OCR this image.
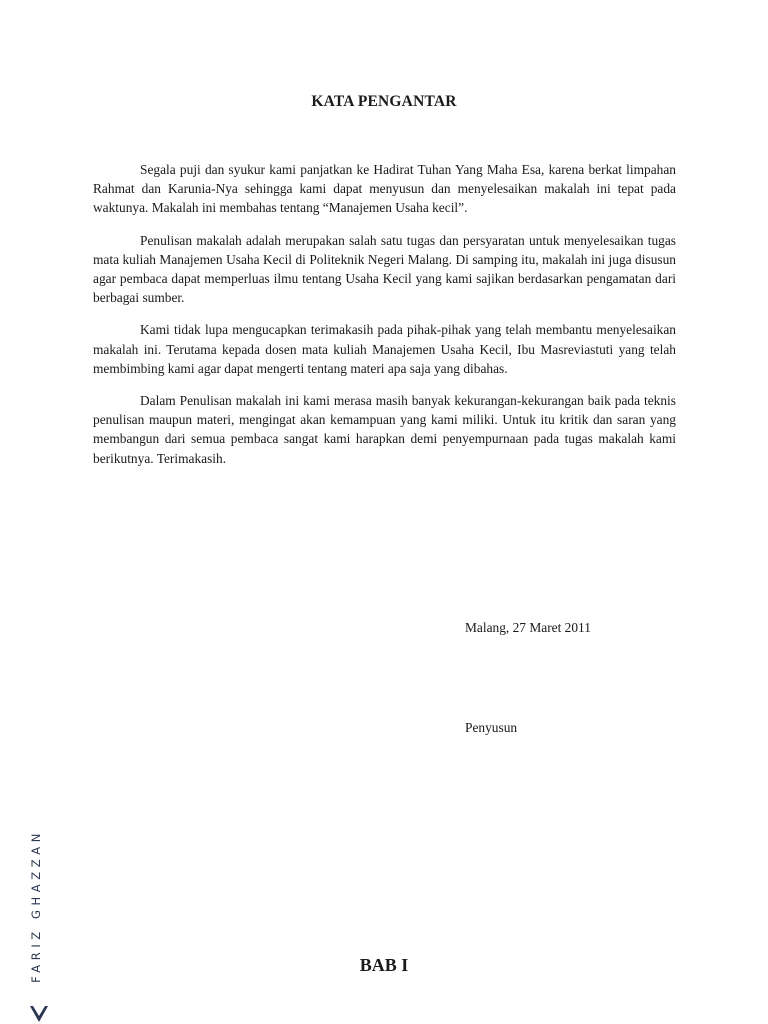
KATA PENGANTAR

Segala puji dan syukur kami panjatkan ke Hadirat Tuhan Yang Maha Esa, karena berkat limpahan Rahmat dan Karunia-Nya sehingga kami dapat menyusun dan menyelesaikan makalah ini tepat pada waktunya. Makalah ini membahas tentang “Manajemen Usaha kecil”.

Penulisan makalah adalah merupakan salah satu tugas dan persyaratan untuk menyelesaikan tugas mata kuliah Manajemen Usaha Kecil di Politeknik Negeri Malang. Di samping itu, makalah ini juga disusun agar pembaca dapat memperluas ilmu tentang Usaha Kecil yang kami sajikan berdasarkan pengamatan dari berbagai sumber.

Kami tidak lupa mengucapkan terimakasih pada pihak-pihak yang telah membantu menyelesaikan makalah ini. Terutama kepada dosen mata kuliah Manajemen Usaha Kecil, Ibu Masreviastuti yang telah membimbing kami agar dapat mengerti tentang materi apa saja yang dibahas.

Dalam Penulisan makalah ini kami merasa masih banyak kekurangan-kekurangan baik pada teknis penulisan maupun materi, mengingat akan kemampuan yang kami miliki. Untuk itu kritik dan saran yang membangun dari semua pembaca sangat kami harapkan demi penyempurnaan pada tugas makalah kami berikutnya. Terimakasih.

Malang, 27 Maret 2011
Penyusun
BAB I
FARIZ GHAZZAN
